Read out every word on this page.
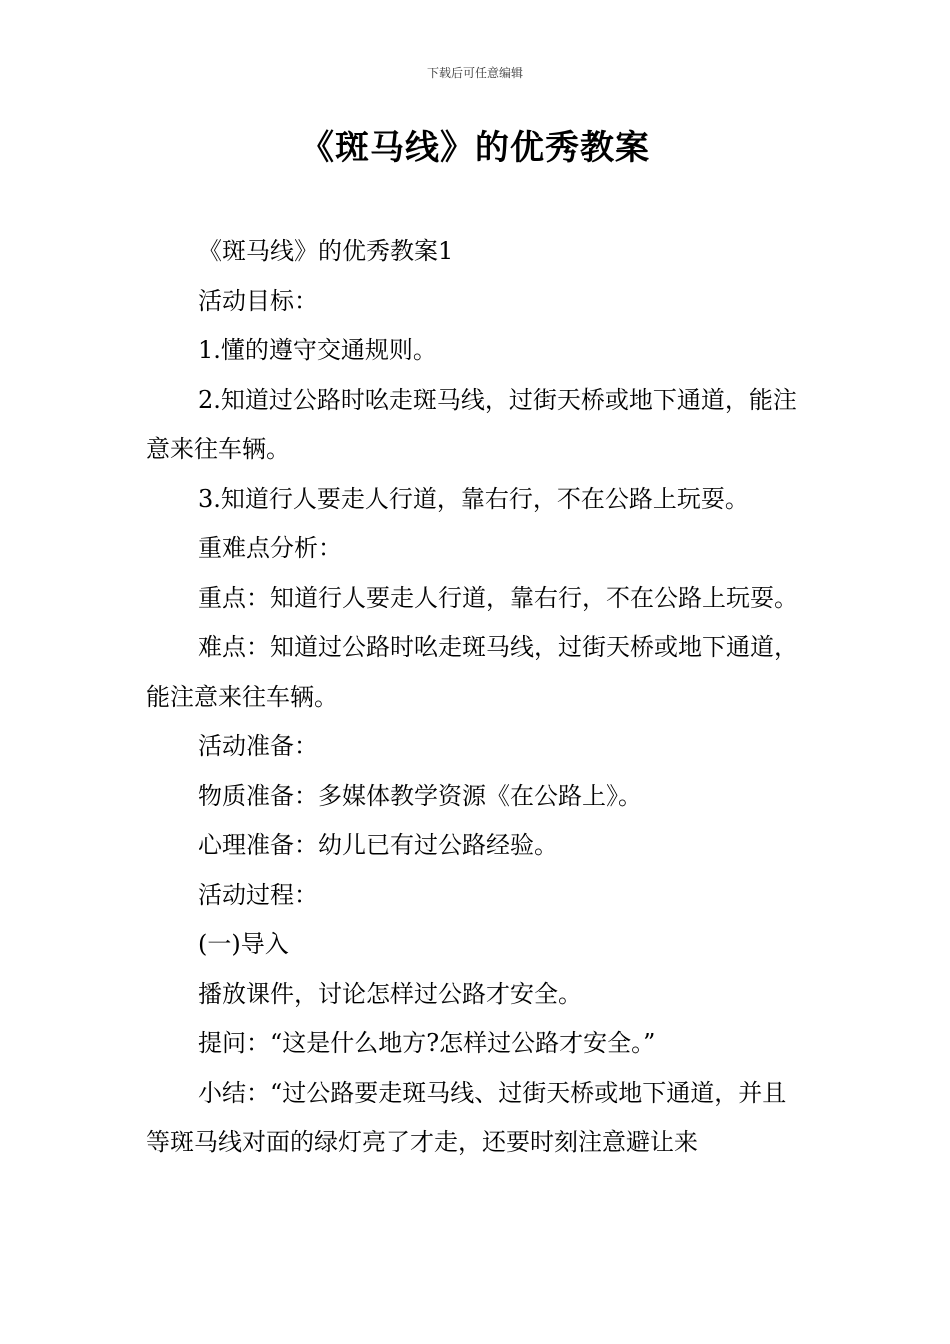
下载后可任意编辑
《斑马线》的优秀教案

《斑马线》的优秀教案1

活动目标：

1.懂的遵守交通规则。

2.知道过公路时吆走斑马线，过街天桥或地下通道，能注意来往车辆。

3.知道行人要走人行道，靠右行，不在公路上玩耍。

重难点分析：

重点：知道行人要走人行道，靠右行，不在公路上玩耍。

难点：知道过公路时吆走斑马线，过街天桥或地下通道，能注意来往车辆。

活动准备：

物质准备：多媒体教学资源《在公路上》。

心理准备：幼儿已有过公路经验。

活动过程：

(一)导入

播放课件，讨论怎样过公路才安全。

提问：“这是什么地方?怎样过公路才安全。”

小结：“过公路要走斑马线、过街天桥或地下通道，并且等斑马线对面的绿灯亮了才走，还要时刻注意避让来
